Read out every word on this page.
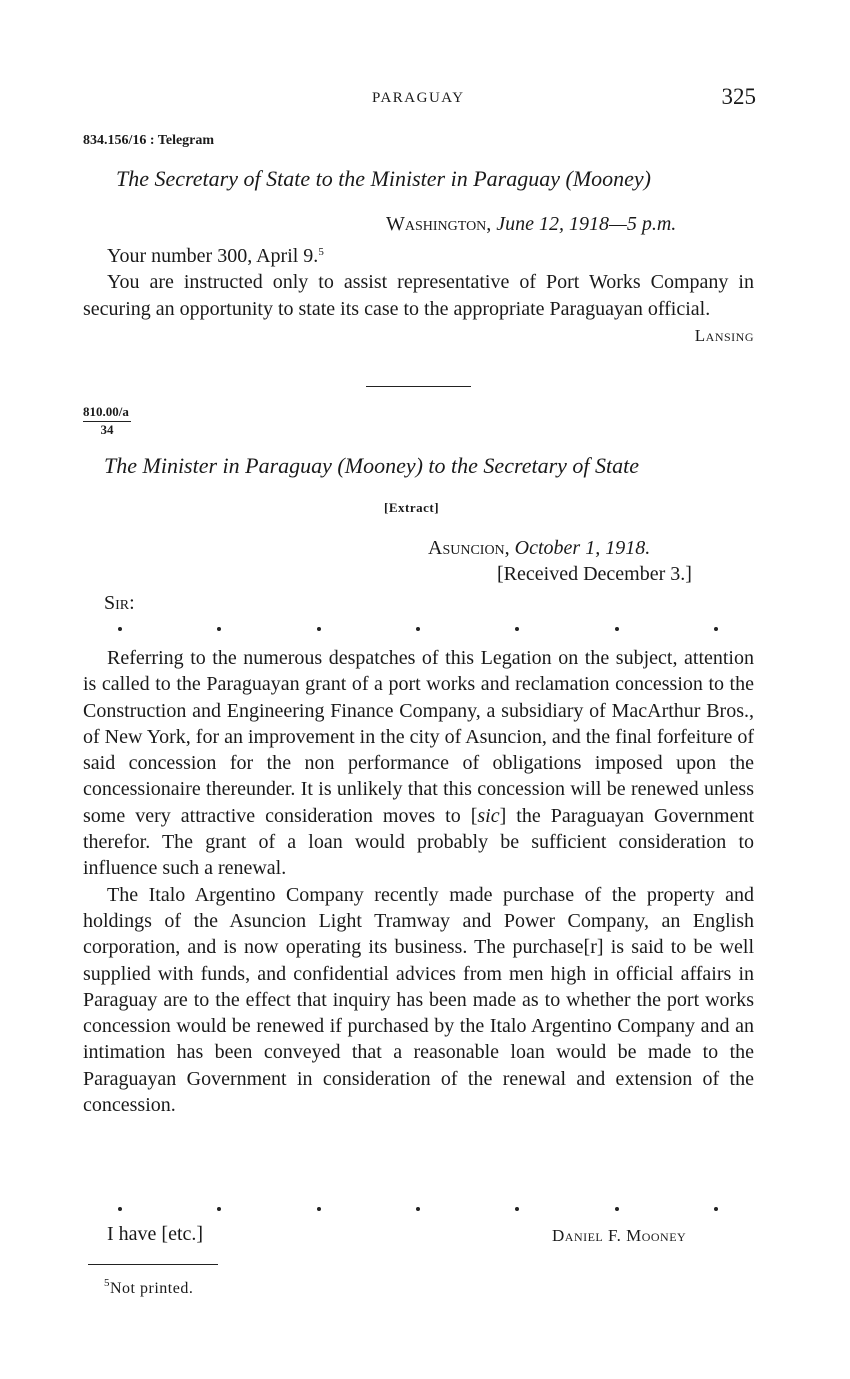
PARAGUAY	325
834.156/16 : Telegram
The Secretary of State to the Minister in Paraguay (Mooney)
Washington, June 12, 1918—5 p.m.
Your number 300, April 9.$^5$
You are instructed only to assist representative of Port Works Company in securing an opportunity to state its case to the appropriate Paraguayan official.
Lansing
$\frac{810.00/a}{34}$
The Minister in Paraguay (Mooney) to the Secretary of State
[Extract]
Asuncion, October 1, 1918.
[Received December 3.]
Sir:
Referring to the numerous despatches of this Legation on the subject, attention is called to the Paraguayan grant of a port works and reclamation concession to the Construction and Engineering Finance Company, a subsidiary of MacArthur Bros., of New York, for an improvement in the city of Asuncion, and the final forfeiture of said concession for the non performance of obligations imposed upon the concessionaire thereunder. It is unlikely that this concession will be renewed unless some very attractive consideration moves to [sic] the Paraguayan Government therefor. The grant of a loan would probably be sufficient consideration to influence such a renewal.
The Italo Argentino Company recently made purchase of the property and holdings of the Asuncion Light Tramway and Power Company, an English corporation, and is now operating its business. The purchase[r] is said to be well supplied with funds, and confidential advices from men high in official affairs in Paraguay are to the effect that inquiry has been made as to whether the port works concession would be renewed if purchased by the Italo Argentino Company and an intimation has been conveyed that a reasonable loan would be made to the Paraguayan Government in consideration of the renewal and extension of the concession.
I have [etc.]	Daniel F. Mooney
$^5$Not printed.
